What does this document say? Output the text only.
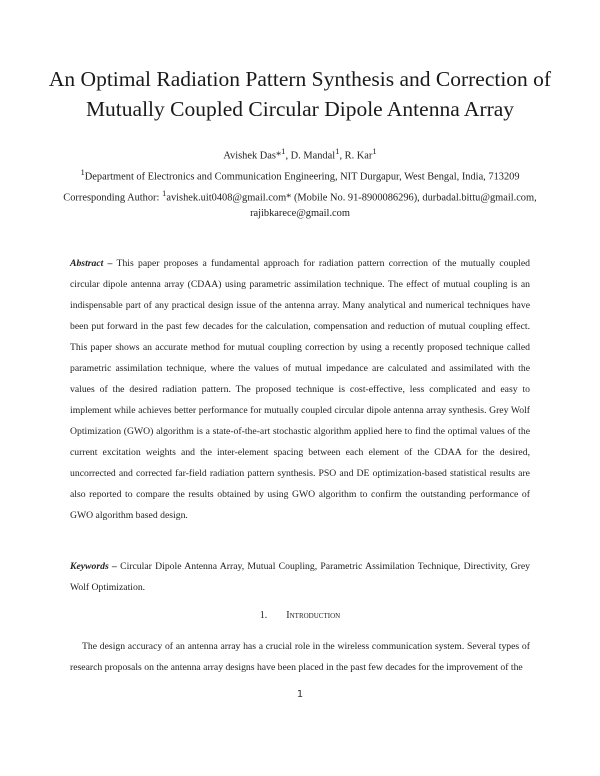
An Optimal Radiation Pattern Synthesis and Correction of Mutually Coupled Circular Dipole Antenna Array
Avishek Das*$^1$, D. Mandal$^1$, R. Kar$^1$
$^1$Department of Electronics and Communication Engineering, NIT Durgapur, West Bengal, India, 713209
Corresponding Author: $^1$avishek.uit0408@gmail.com* (Mobile No. 91-8900086296), durbadal.bittu@gmail.com,
rajibkarece@gmail.com
Abstract – This paper proposes a fundamental approach for radiation pattern correction of the mutually coupled circular dipole antenna array (CDAA) using parametric assimilation technique. The effect of mutual coupling is an indispensable part of any practical design issue of the antenna array. Many analytical and numerical techniques have been put forward in the past few decades for the calculation, compensation and reduction of mutual coupling effect. This paper shows an accurate method for mutual coupling correction by using a recently proposed technique called parametric assimilation technique, where the values of mutual impedance are calculated and assimilated with the values of the desired radiation pattern. The proposed technique is cost-effective, less complicated and easy to implement while achieves better performance for mutually coupled circular dipole antenna array synthesis. Grey Wolf Optimization (GWO) algorithm is a state-of-the-art stochastic algorithm applied here to find the optimal values of the current excitation weights and the inter-element spacing between each element of the CDAA for the desired, uncorrected and corrected far-field radiation pattern synthesis. PSO and DE optimization-based statistical results are also reported to compare the results obtained by using GWO algorithm to confirm the outstanding performance of GWO algorithm based design.
Keywords – Circular Dipole Antenna Array, Mutual Coupling, Parametric Assimilation Technique, Directivity, Grey Wolf Optimization.
1. Introduction
The design accuracy of an antenna array has a crucial role in the wireless communication system. Several types of research proposals on the antenna array designs have been placed in the past few decades for the improvement of the
1
